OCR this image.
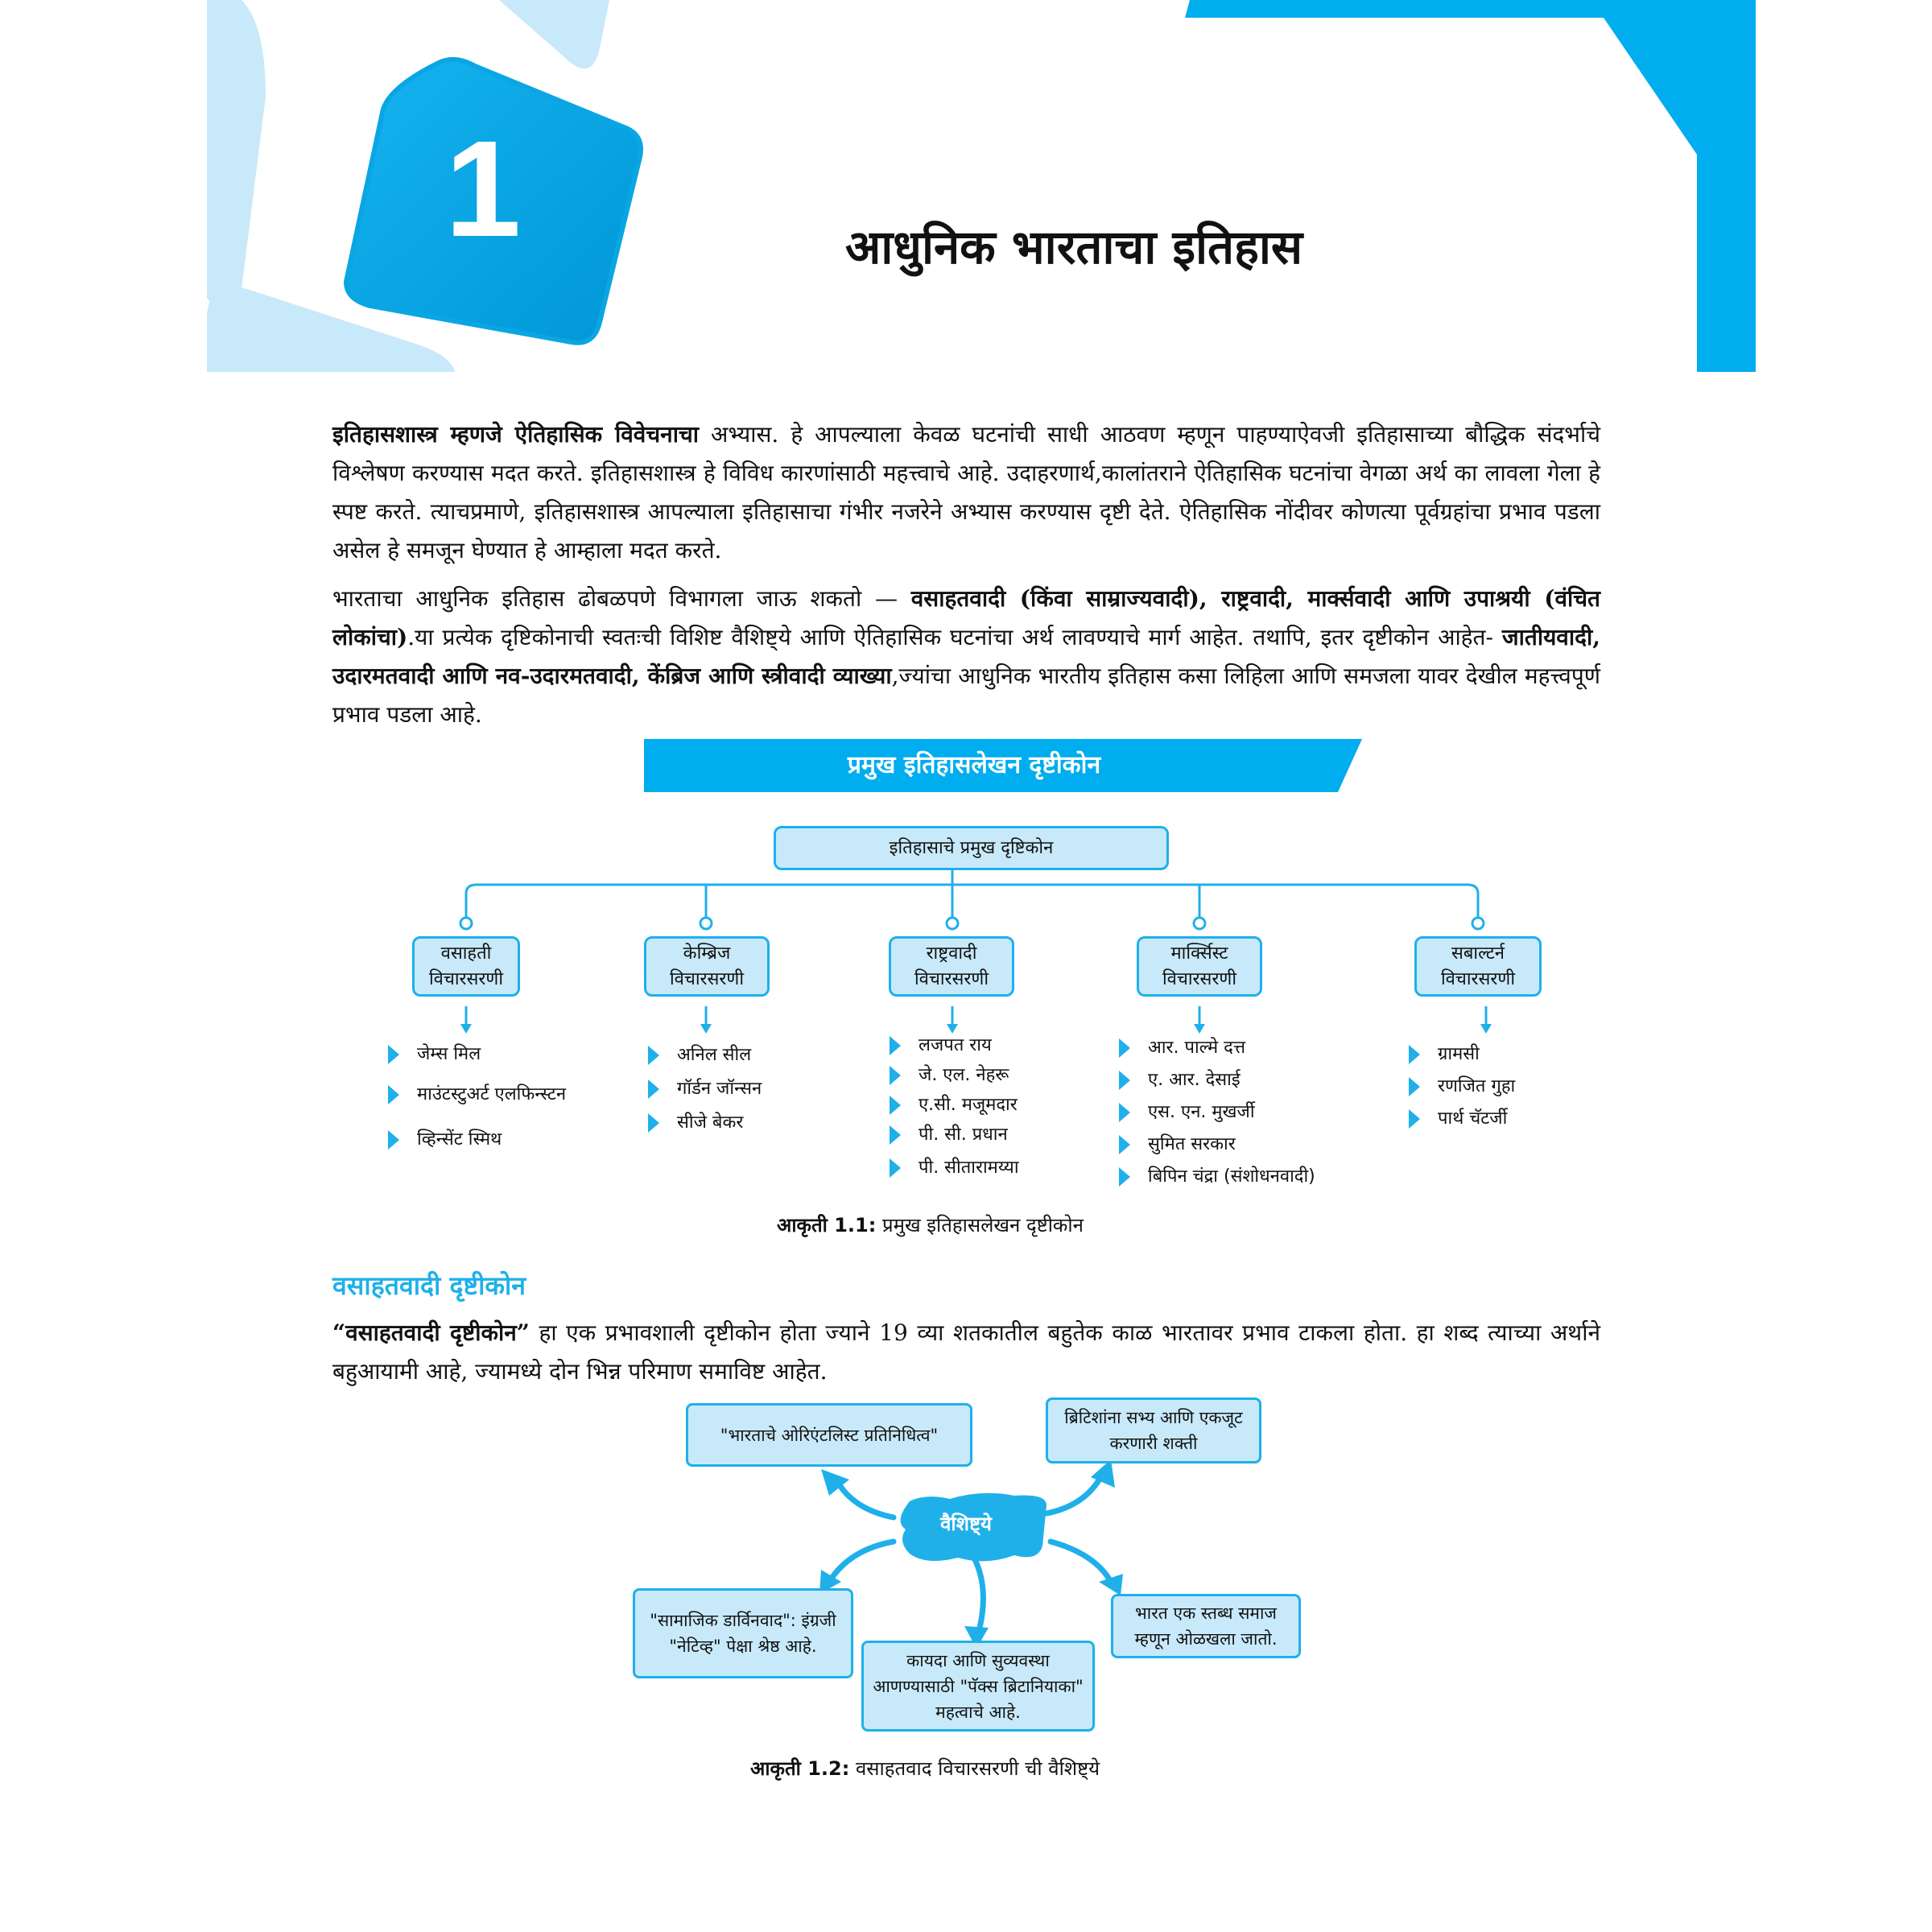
1	आधुनिक भारताचा इतिहास
इतिहासशास्त्र म्हणजे ऐतिहासिक विवेचनाचा अभ्यास. हे आपल्याला केवळ घटनांची साधी आठवण म्हणून पाहण्याऐवजी इतिहासाच्या बौद्धिक संदर्भाचे विश्लेषण करण्यास मदत करते. इतिहासशास्त्र हे विविध कारणांसाठी महत्त्वाचे आहे. उदाहरणार्थ,कालांतराने ऐतिहासिक घटनांचा वेगळा अर्थ का लावला गेला हे स्पष्ट करते. त्याचप्रमाणे, इतिहासशास्त्र आपल्याला इतिहासाचा गंभीर नजरेने अभ्यास करण्यास दृष्टी देते. ऐतिहासिक नोंदीवर कोणत्या पूर्वग्रहांचा प्रभाव पडला असेल हे समजून घेण्यात हे आम्हाला मदत करते.
भारताचा आधुनिक इतिहास ढोबळपणे विभागला जाऊ शकतो — वसाहतवादी (किंवा साम्राज्यवादी), राष्ट्रवादी, मार्क्सवादी आणि उपाश्रयी (वंचित लोकांचा).या प्रत्येक दृष्टिकोनाची स्वतःची विशिष्ट वैशिष्ट्ये आणि ऐतिहासिक घटनांचा अर्थ लावण्याचे मार्ग आहेत. तथापि, इतर दृष्टीकोन आहेत- जातीयवादी, उदारमतवादी आणि नव-उदारमतवादी, केंब्रिज आणि स्त्रीवादी व्याख्या,ज्यांचा आधुनिक भारतीय इतिहास कसा लिहिला आणि समजला यावर देखील महत्त्वपूर्ण प्रभाव पडला आहे.
प्रमुख इतिहासलेखन दृष्टीकोन
इतिहासाचे प्रमुख दृष्टिकोन
वसाहती
विचारसरणी
केम्ब्रिज
विचारसरणी
राष्ट्रवादी
विचारसरणी
मार्क्सिस्ट
विचारसरणी
सबाल्टर्न
विचारसरणी
जेम्स मिल
माउंटस्टुअर्ट एलफिन्स्टन
व्हिन्सेंट स्मिथ
अनिल सील
गॉर्डन जॉन्सन
सीजे बेकर
लजपत राय
जे. एल. नेहरू
ए.सी. मजूमदार
पी. सी. प्रधान
पी. सीतारामय्या
आर. पाल्मे दत्त
ए. आर. देसाई
एस. एन. मुखर्जी
सुमित सरकार
बिपिन चंद्रा (संशोधनवादी)
ग्रामसी
रणजित गुहा
पार्थ चॅटर्जी
आकृती 1.1: प्रमुख इतिहासलेखन दृष्टीकोन
वसाहतवादी दृष्टीकोन
“वसाहतवादी दृष्टीकोन” हा एक प्रभावशाली दृष्टीकोन होता ज्याने 19 व्या शतकातील बहुतेक काळ भारतावर प्रभाव टाकला होता. हा शब्द त्याच्या अर्थाने बहुआयामी आहे, ज्यामध्ये दोन भिन्न परिमाण समाविष्ट आहेत.
वैशिष्ट्ये
"भारताचे ओरिएंटलिस्ट प्रतिनिधित्व"
ब्रिटिशांना सभ्य आणि एकजूट
करणारी शक्ती
"सामाजिक डार्विनवाद": इंग्रजी
"नेटिव्ह" पेक्षा श्रेष्ठ आहे.
कायदा आणि सुव्यवस्था
आणण्यासाठी "पॅक्स ब्रिटानियाका"
महत्वाचे आहे.
भारत एक स्तब्ध समाज
म्हणून ओळखला जातो.
आकृती 1.2: वसाहतवाद विचारसरणी ची वैशिष्ट्ये
